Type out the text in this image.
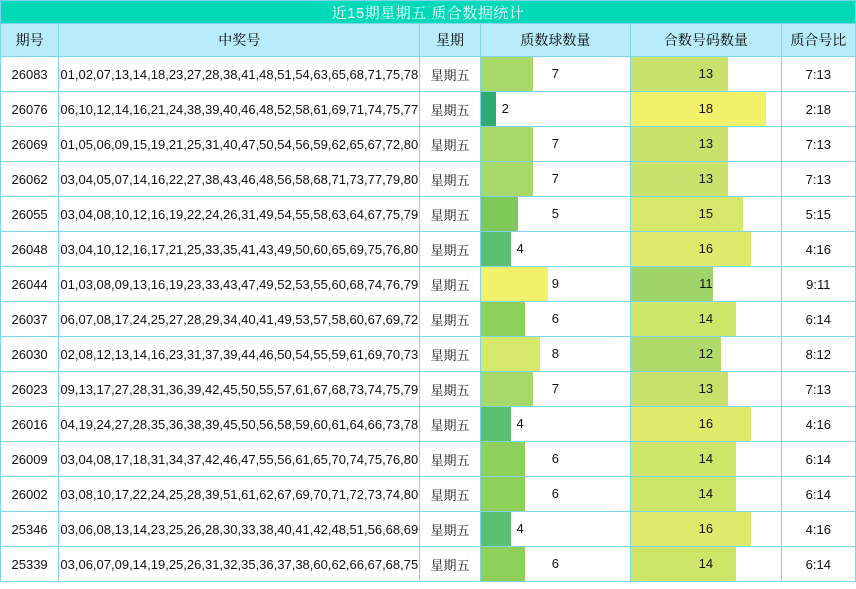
近15期星期五 质合数据统计					
期号	中奖号	星期	质数球数量	合数号码数量	质合号比
26083	01,02,07,13,14,18,23,27,28,38,41,48,51,54,63,65,68,71,75,78	星期五	7	13	7:13
26076	06,10,12,14,16,21,24,38,39,40,46,48,52,58,61,69,71,74,75,77	星期五	2	18	2:18
26069	01,05,06,09,15,19,21,25,31,40,47,50,54,56,59,62,65,67,72,80	星期五	7	13	7:13
26062	03,04,05,07,14,16,22,27,38,43,46,48,56,58,68,71,73,77,79,80	星期五	7	13	7:13
26055	03,04,08,10,12,16,19,22,24,26,31,49,54,55,58,63,64,67,75,79	星期五	5	15	5:15
26048	03,04,10,12,16,17,21,25,33,35,41,43,49,50,60,65,69,75,76,80	星期五	4	16	4:16
26044	01,03,08,09,13,16,19,23,33,43,47,49,52,53,55,60,68,74,76,79	星期五	9	11	9:11
26037	06,07,08,17,24,25,27,28,29,34,40,41,49,53,57,58,60,67,69,72	星期五	6	14	6:14
26030	02,08,12,13,14,16,23,31,37,39,44,46,50,54,55,59,61,69,70,73	星期五	8	12	8:12
26023	09,13,17,27,28,31,36,39,42,45,50,55,57,61,67,68,73,74,75,79	星期五	7	13	7:13
26016	04,19,24,27,28,35,36,38,39,45,50,56,58,59,60,61,64,66,73,78	星期五	4	16	4:16
26009	03,04,08,17,18,31,34,37,42,46,47,55,56,61,65,70,74,75,76,80	星期五	6	14	6:14
26002	03,08,10,17,22,24,25,28,39,51,61,62,67,69,70,71,72,73,74,80	星期五	6	14	6:14
25346	03,06,08,13,14,23,25,26,28,30,33,38,40,41,42,48,51,56,68,69	星期五	4	16	4:16
25339	03,06,07,09,14,19,25,26,31,32,35,36,37,38,60,62,66,67,68,75	星期五	6	14	6:14
